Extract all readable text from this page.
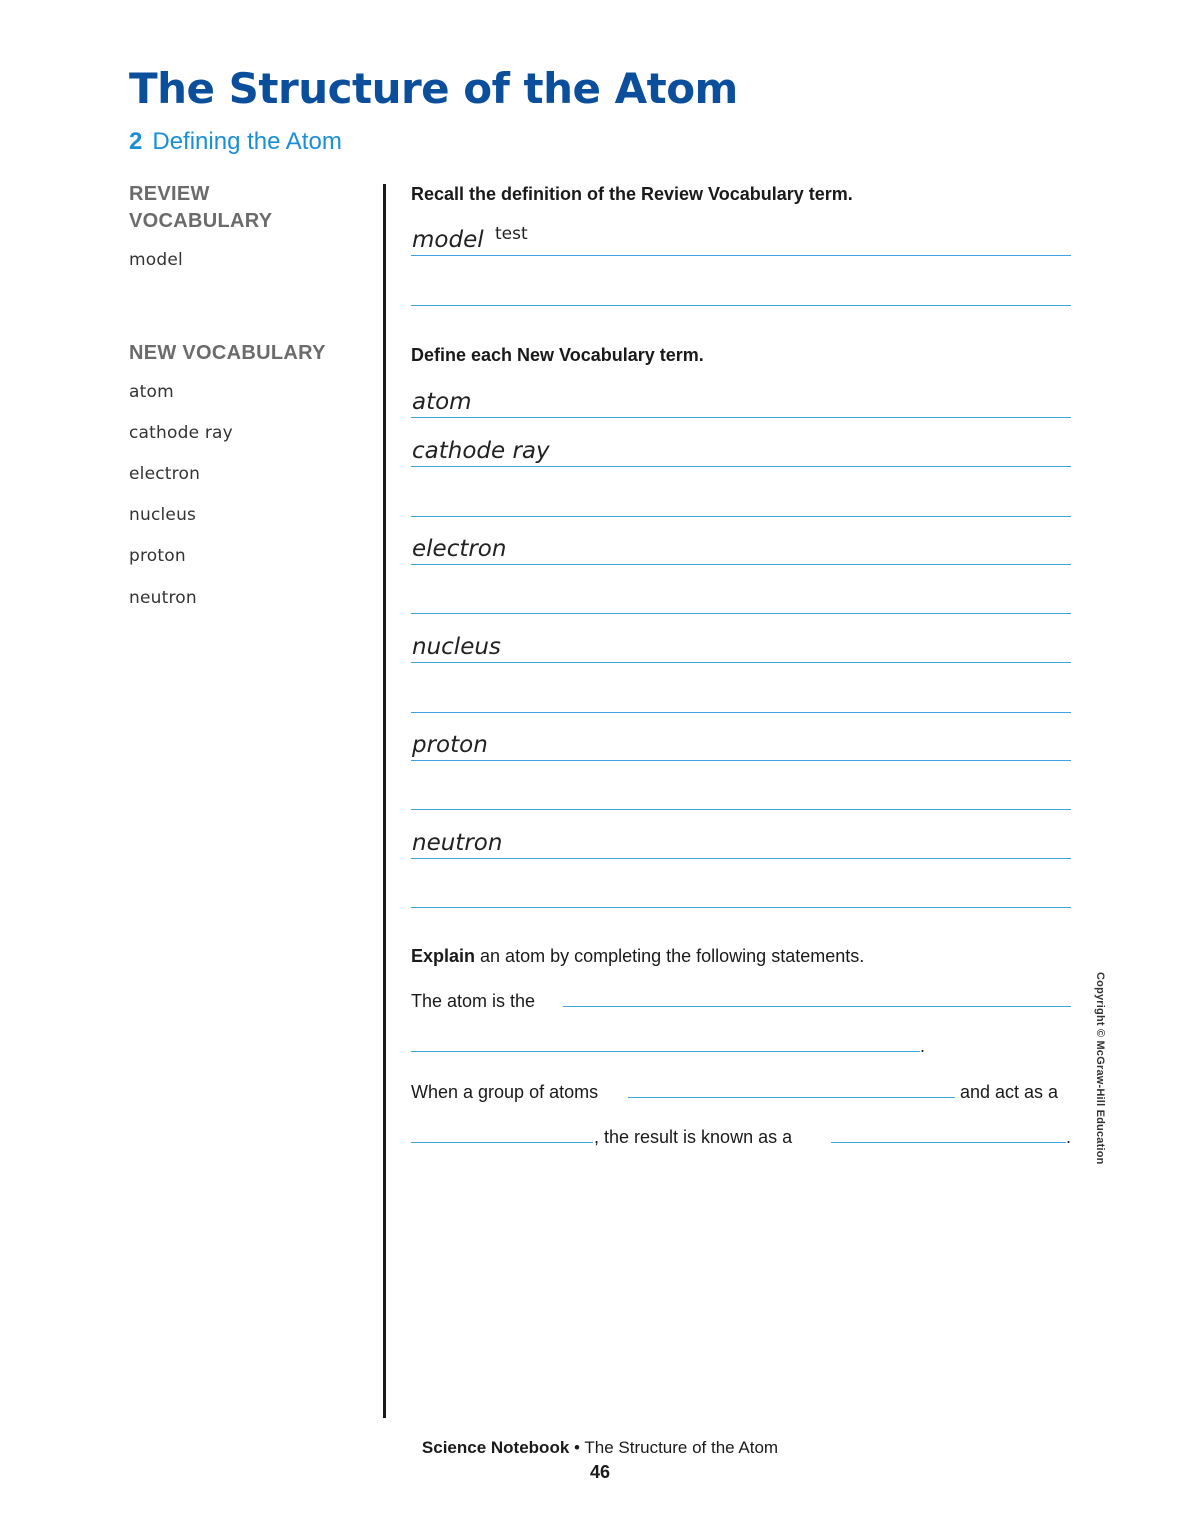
The Structure of the Atom
2 Defining the Atom
REVIEW
VOCABULARY
model
NEW VOCABULARY
atom
cathode ray
electron
nucleus
proton
neutron
Recall the definition of the Review Vocabulary term.
model test
Define each New Vocabulary term.
atom
cathode ray
electron
nucleus
proton
neutron
Explain an atom by completing the following statements.
The atom is the
.
When a group of atoms	and act as a
, the result is known as a	. Copyright © McGraw-Hill Education
Science Notebook • The Structure of the Atom
46
